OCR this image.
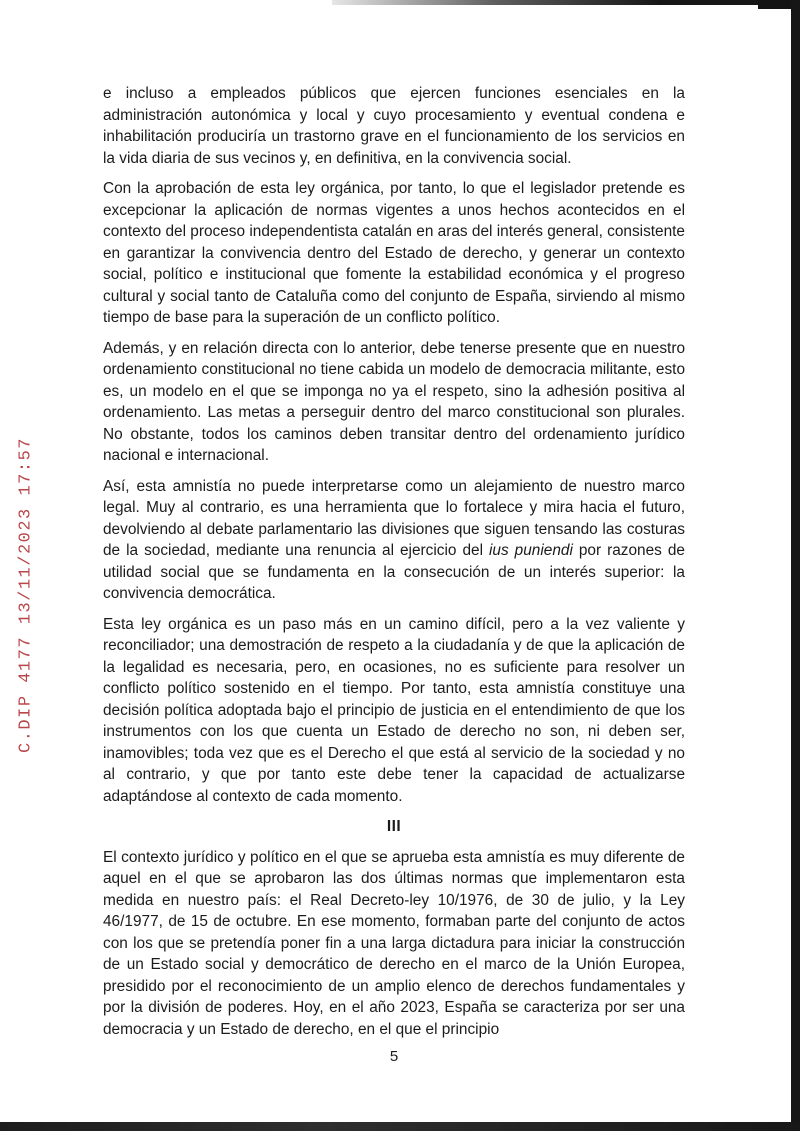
C.DIP 4177 13/11/2023 17:57

e incluso a empleados públicos que ejercen funciones esenciales en la administración autonómica y local y cuyo procesamiento y eventual condena e inhabilitación produciría un trastorno grave en el funcionamiento de los servicios en la vida diaria de sus vecinos y, en definitiva, en la convivencia social.

Con la aprobación de esta ley orgánica, por tanto, lo que el legislador pretende es excepcionar la aplicación de normas vigentes a unos hechos acontecidos en el contexto del proceso independentista catalán en aras del interés general, consistente en garantizar la convivencia dentro del Estado de derecho, y generar un contexto social, político e institucional que fomente la estabilidad económica y el progreso cultural y social tanto de Cataluña como del conjunto de España, sirviendo al mismo tiempo de base para la superación de un conflicto político.

Además, y en relación directa con lo anterior, debe tenerse presente que en nuestro ordenamiento constitucional no tiene cabida un modelo de democracia militante, esto es, un modelo en el que se imponga no ya el respeto, sino la adhesión positiva al ordenamiento. Las metas a perseguir dentro del marco constitucional son plurales. No obstante, todos los caminos deben transitar dentro del ordenamiento jurídico nacional e internacional.

Así, esta amnistía no puede interpretarse como un alejamiento de nuestro marco legal. Muy al contrario, es una herramienta que lo fortalece y mira hacia el futuro, devolviendo al debate parlamentario las divisiones que siguen tensando las costuras de la sociedad, mediante una renuncia al ejercicio del ius puniendi por razones de utilidad social que se fundamenta en la consecución de un interés superior: la convivencia democrática.

Esta ley orgánica es un paso más en un camino difícil, pero a la vez valiente y reconciliador; una demostración de respeto a la ciudadanía y de que la aplicación de la legalidad es necesaria, pero, en ocasiones, no es suficiente para resolver un conflicto político sostenido en el tiempo. Por tanto, esta amnistía constituye una decisión política adoptada bajo el principio de justicia en el entendimiento de que los instrumentos con los que cuenta un Estado de derecho no son, ni deben ser, inamovibles; toda vez que es el Derecho el que está al servicio de la sociedad y no al contrario, y que por tanto este debe tener la capacidad de actualizarse adaptándose al contexto de cada momento.

III

El contexto jurídico y político en el que se aprueba esta amnistía es muy diferente de aquel en el que se aprobaron las dos últimas normas que implementaron esta medida en nuestro país: el Real Decreto-ley 10/1976, de 30 de julio, y la Ley 46/1977, de 15 de octubre. En ese momento, formaban parte del conjunto de actos con los que se pretendía poner fin a una larga dictadura para iniciar la construcción de un Estado social y democrático de derecho en el marco de la Unión Europea, presidido por el reconocimiento de un amplio elenco de derechos fundamentales y por la división de poderes. Hoy, en el año 2023, España se caracteriza por ser una democracia y un Estado de derecho, en el que el principio

5
